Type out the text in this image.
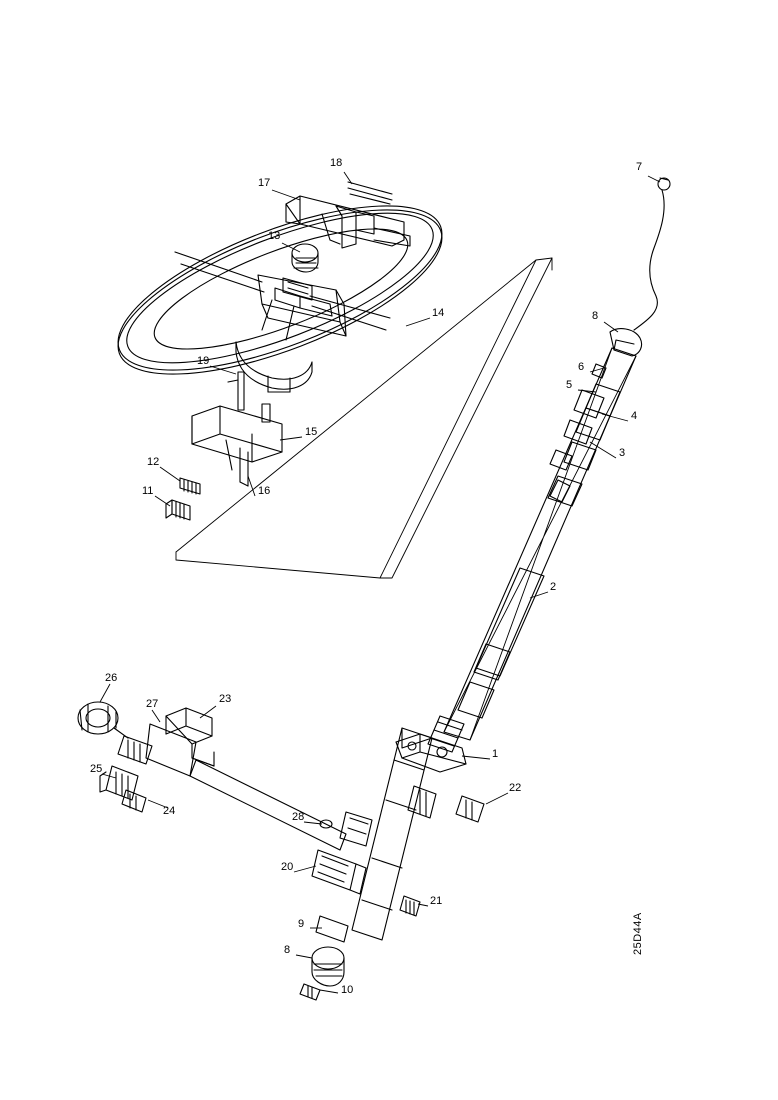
18
17
7
13
14	8
6
5
19
4
3
15
12
11	16
2
26
27	23
25
1
24
22
28
20
21
9
8
10
25D44A
